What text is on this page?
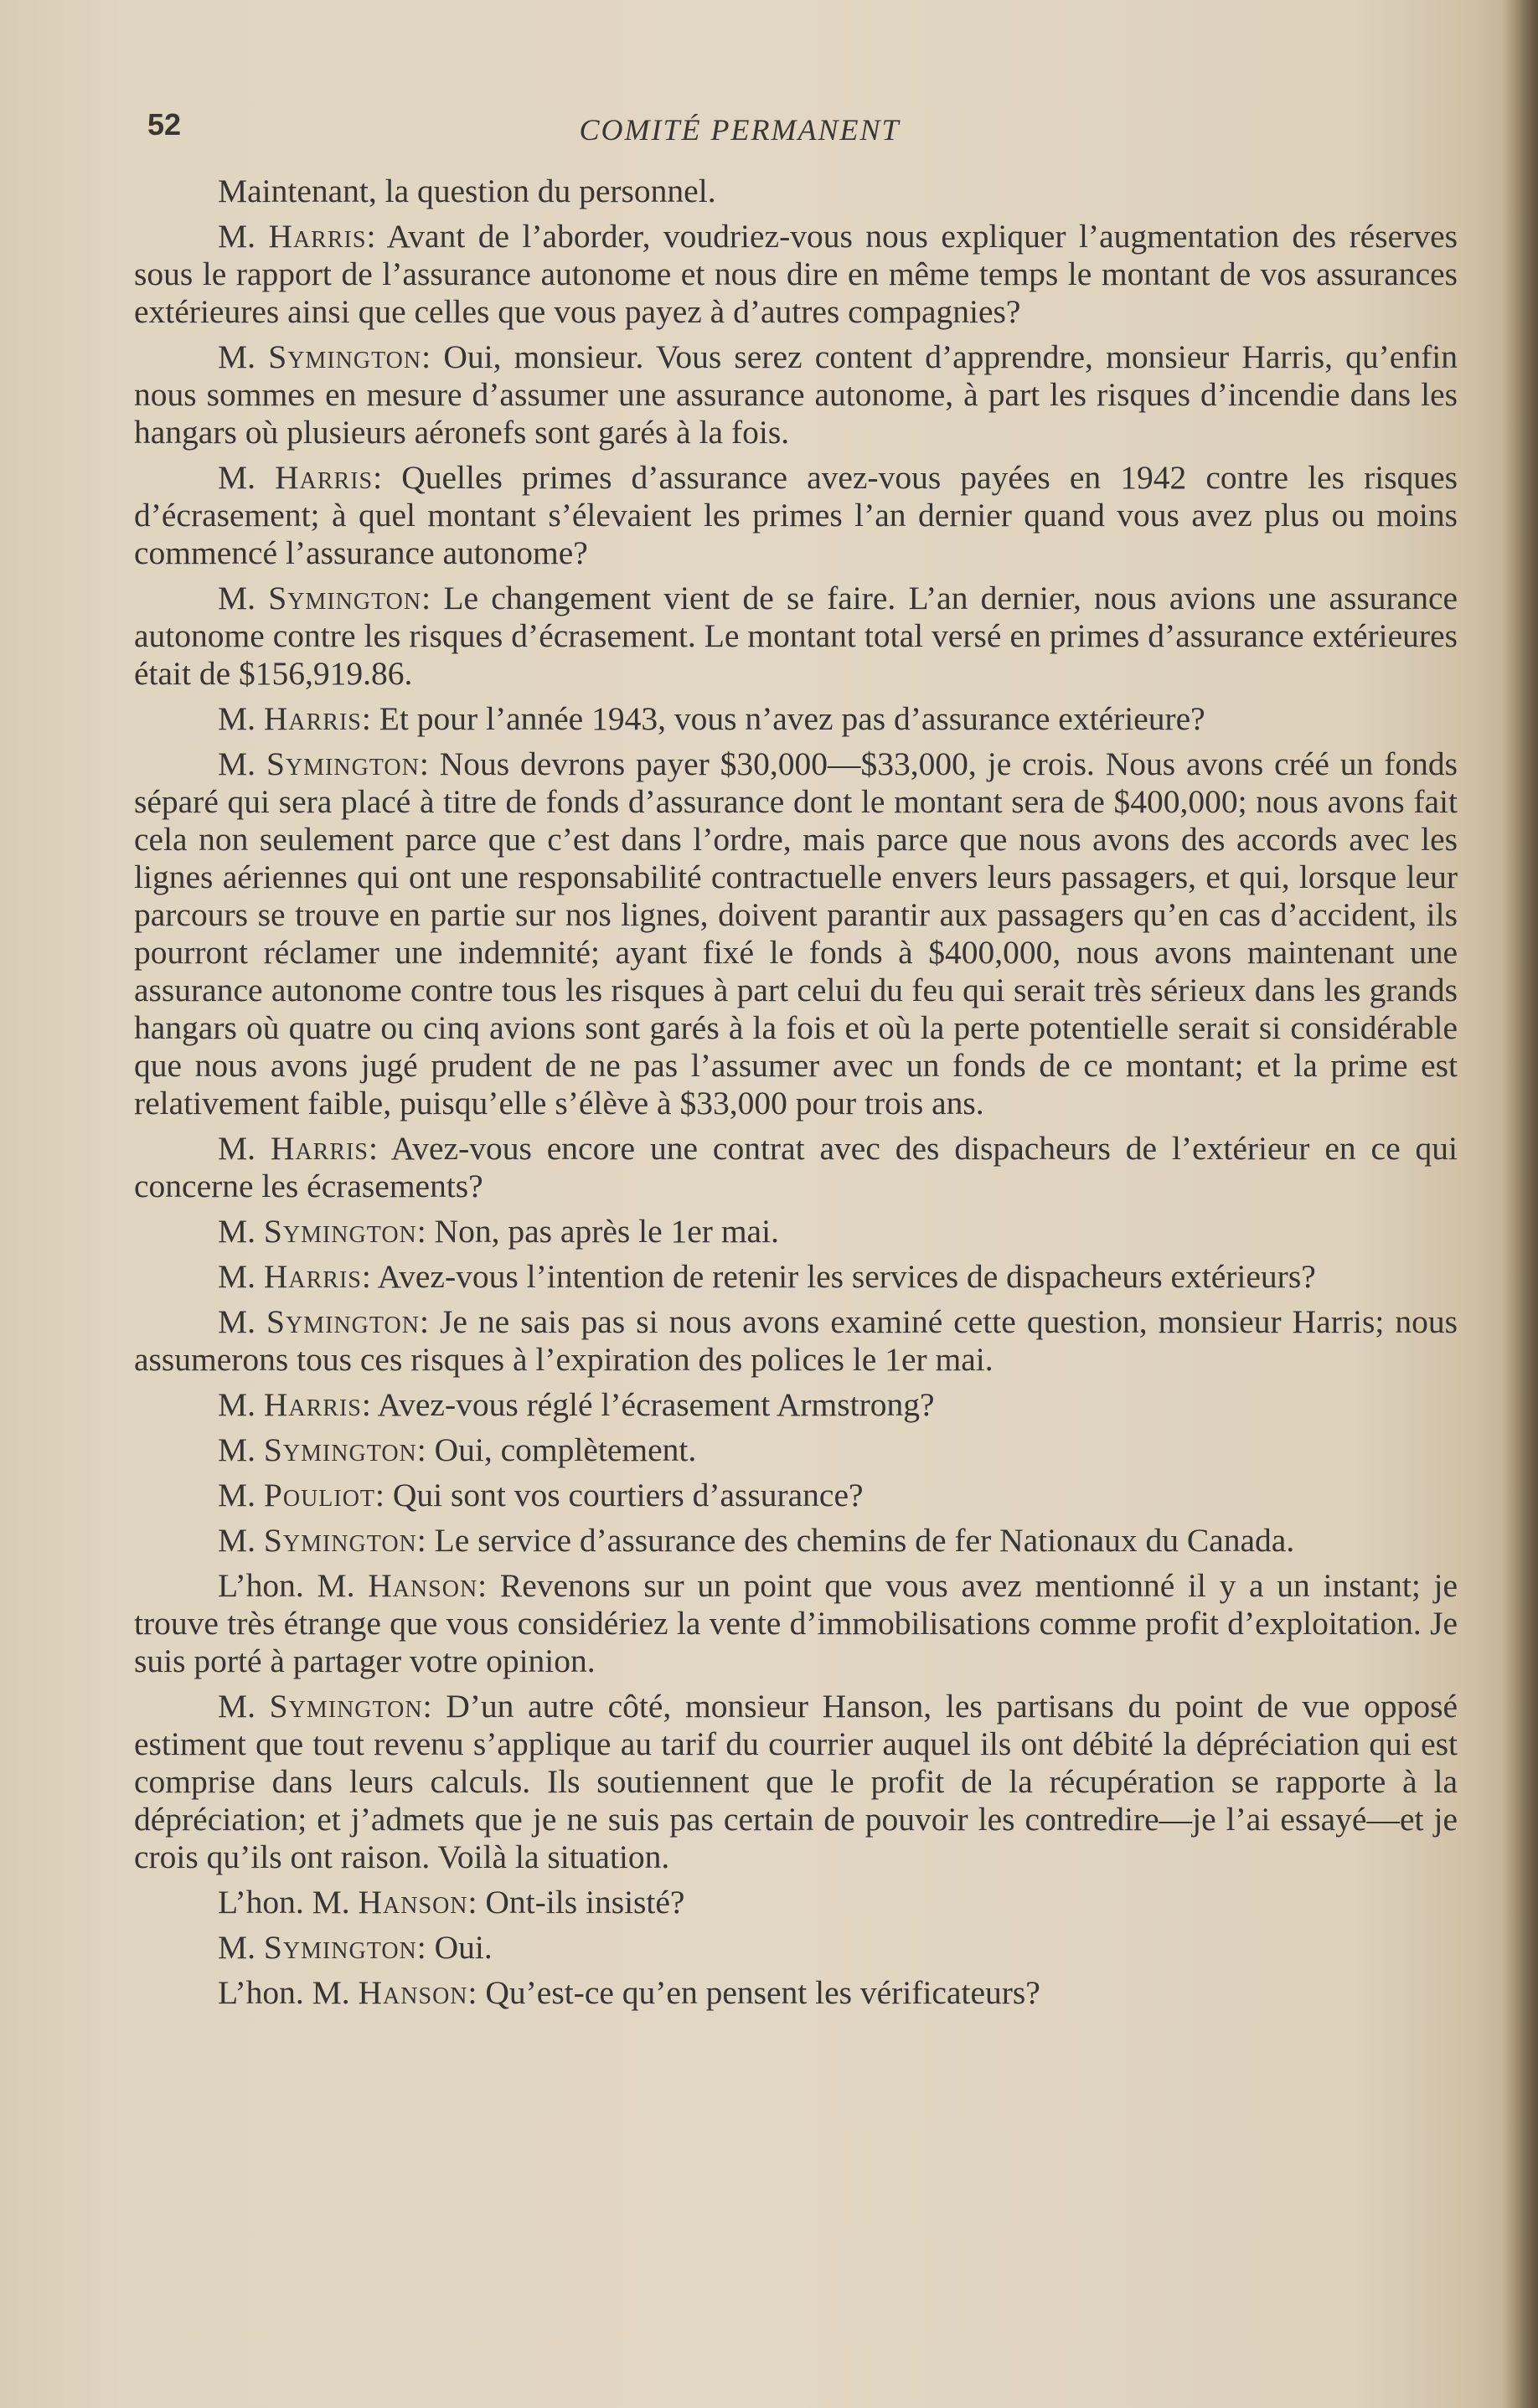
52	COMITÉ PERMANENT

Maintenant, la question du personnel.

M. Harris: Avant de l’aborder, voudriez-vous nous expliquer l’augmentation des réserves sous le rapport de l’assurance autonome et nous dire en même temps le montant de vos assurances extérieures ainsi que celles que vous payez à d’autres compagnies?

M. Symington: Oui, monsieur. Vous serez content d’apprendre, monsieur Harris, qu’enfin nous sommes en mesure d’assumer une assurance autonome, à part les risques d’incendie dans les hangars où plusieurs aéronefs sont garés à la fois.

M. Harris: Quelles primes d’assurance avez-vous payées en 1942 contre les risques d’écrasement; à quel montant s’élevaient les primes l’an dernier quand vous avez plus ou moins commencé l’assurance autonome?

M. Symington: Le changement vient de se faire. L’an dernier, nous avions une assurance autonome contre les risques d’écrasement. Le montant total versé en primes d’assurance extérieures était de $156,919.86.

M. Harris: Et pour l’année 1943, vous n’avez pas d’assurance extérieure?

M. Symington: Nous devrons payer $30,000—$33,000, je crois. Nous avons créé un fonds séparé qui sera placé à titre de fonds d’assurance dont le montant sera de $400,000; nous avons fait cela non seulement parce que c’est dans l’ordre, mais parce que nous avons des accords avec les lignes aériennes qui ont une responsabilité contractuelle envers leurs passagers, et qui, lorsque leur parcours se trouve en partie sur nos lignes, doivent parantir aux passagers qu’en cas d’accident, ils pourront réclamer une indemnité; ayant fixé le fonds à $400,000, nous avons maintenant une assurance autonome contre tous les risques à part celui du feu qui serait très sérieux dans les grands hangars où quatre ou cinq avions sont garés à la fois et où la perte potentielle serait si considérable que nous avons jugé prudent de ne pas l’assumer avec un fonds de ce montant; et la prime est relativement faible, puisqu’elle s’élève à $33,000 pour trois ans.

M. Harris: Avez-vous encore une contrat avec des dispacheurs de l’extérieur en ce qui concerne les écrasements?

M. Symington: Non, pas après le 1er mai.

M. Harris: Avez-vous l’intention de retenir les services de dispacheurs extérieurs?

M. Symington: Je ne sais pas si nous avons examiné cette question, monsieur Harris; nous assumerons tous ces risques à l’expiration des polices le 1er mai.

M. Harris: Avez-vous réglé l’écrasement Armstrong?

M. Symington: Oui, complètement.

M. Pouliot: Qui sont vos courtiers d’assurance?

M. Symington: Le service d’assurance des chemins de fer Nationaux du Canada.

L’hon. M. Hanson: Revenons sur un point que vous avez mentionné il y a un instant; je trouve très étrange que vous considériez la vente d’immobilisations comme profit d’exploitation. Je suis porté à partager votre opinion.

M. Symington: D’un autre côté, monsieur Hanson, les partisans du point de vue opposé estiment que tout revenu s’applique au tarif du courrier auquel ils ont débité la dépréciation qui est comprise dans leurs calculs. Ils soutiennent que le profit de la récupération se rapporte à la dépréciation; et j’admets que je ne suis pas certain de pouvoir les contredire—je l’ai essayé—et je crois qu’ils ont raison. Voilà la situation.

L’hon. M. Hanson: Ont-ils insisté?

M. Symington: Oui.

L’hon. M. Hanson: Qu’est-ce qu’en pensent les vérificateurs?
